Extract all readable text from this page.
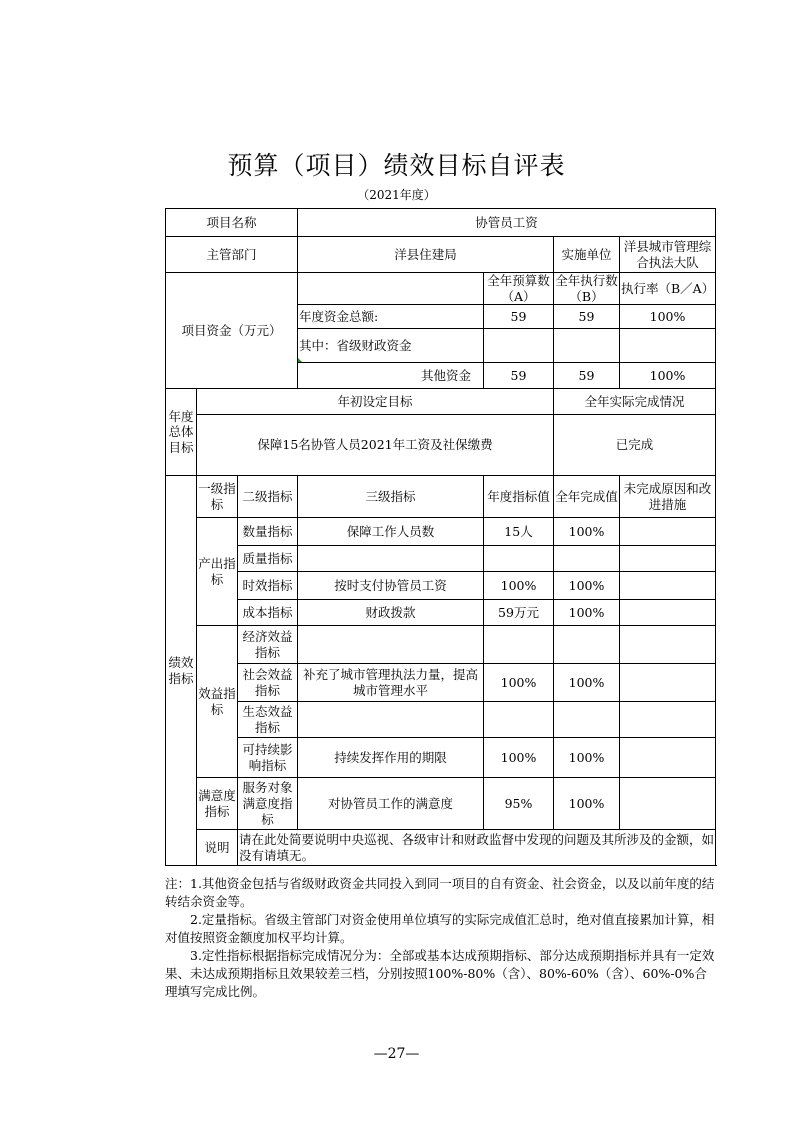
预算（项目）绩效目标自评表
（2021年度）
项目名称			协管员工资			
主管部门			洋县住建局		实施单位	洋县城市管理综合执法大队
项目资金（万元）				全年预算数（A）	全年执行数（B）	执行率（B／A）
			年度资金总额:	59	59	100%
			其中：省级财政资金

			其他资金	59	59	100%
年度总体目标	年初设定目标				全年实际完成情况	
	保障15名协管人员2021年工资及社保缴费				已完成	
绩效指标	一级指标	二级指标	三级指标	年度指标值	全年完成值	未完成原因和改进措施
	产出指标	数量指标	保障工作人员数	15人	100%	
		质量指标				
		时效指标	按时支付协管员工资	100%	100%	
		成本指标	财政拨款	59万元	100%	
	效益指标	经济效益指标				
		社会效益指标	补充了城市管理执法力量，提高城市管理水平	100%	100%	
		生态效益指标				
		可持续影响指标	持续发挥作用的期限	100%	100%	
	满意度指标	服务对象满意度指标	对协管员工作的满意度	95%	100%	
	说明	请在此处简要说明中央巡视、各级审计和财政监督中发现的问题及其所涉及的金额，如没有请填无。				

注：1.其他资金包括与省级财政资金共同投入到同一项目的自有资金、社会资金，以及以前年度的结转结余资金等。

2.定量指标。省级主管部门对资金使用单位填写的实际完成值汇总时，绝对值直接累加计算，相对值按照资金额度加权平均计算。

3.定性指标根据指标完成情况分为：全部或基本达成预期指标、部分达成预期指标并具有一定效果、未达成预期指标且效果较差三档，分别按照100%-80%（含）、80%-60%（含）、60%-0%合理填写完成比例。

—27—
